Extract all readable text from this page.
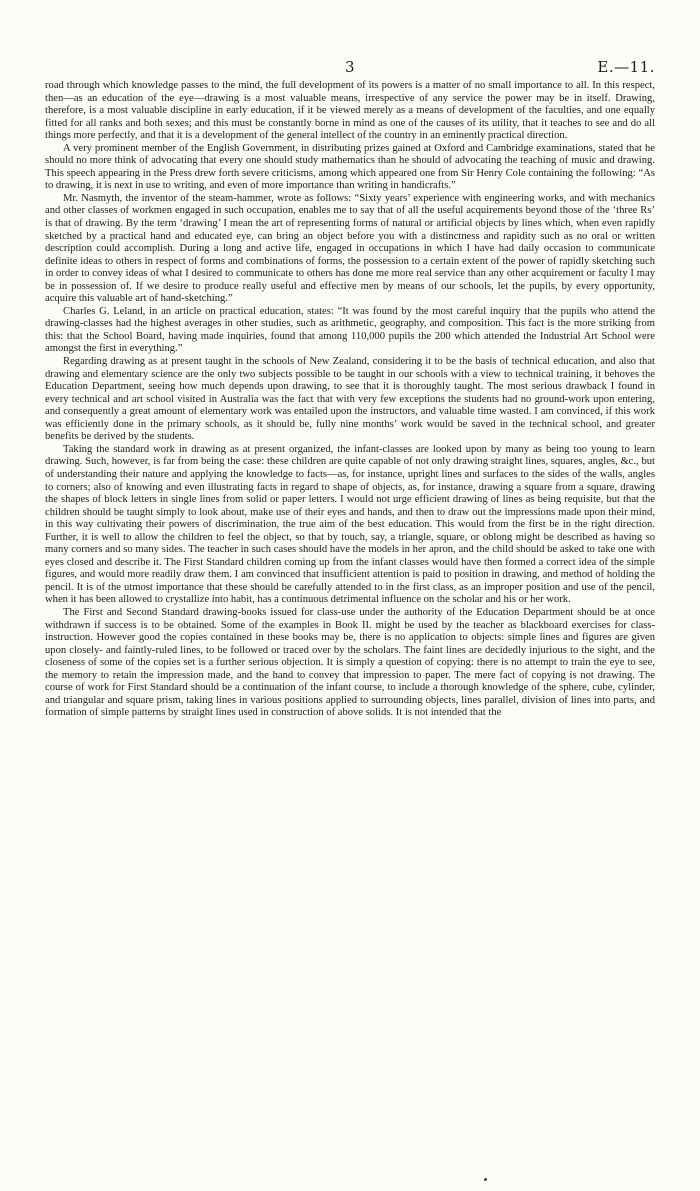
3	E.—11.

road through which knowledge passes to the mind, the full development of its powers is a matter of no small importance to all. In this respect, then—as an education of the eye—drawing is a most valuable means, irrespective of any service the power may be in itself. Drawing, therefore, is a most valuable discipline in early education, if it be viewed merely as a means of development of the faculties, and one equally fitted for all ranks and both sexes; and this must be constantly borne in mind as one of the causes of its utility, that it teaches to see and do all things more perfectly, and that it is a development of the general intellect of the country in an eminently practical direction.

A very prominent member of the English Government, in distributing prizes gained at Oxford and Cambridge examinations, stated that he should no more think of advocating that every one should study mathematics than he should of advocating the teaching of music and drawing. This speech appearing in the Press drew forth severe criticisms, among which appeared one from Sir Henry Cole containing the following: “As to drawing, it is next in use to writing, and even of more importance than writing in handicrafts.”

Mr. Nasmyth, the inventor of the steam-hammer, wrote as follows: “Sixty years’ experience with engineering works, and with mechanics and other classes of workmen engaged in such occupation, enables me to say that of all the useful acquirements beyond those of the ‘three Rs’ is that of drawing. By the term ‘drawing’ I mean the art of representing forms of natural or artificial objects by lines which, when even rapidly sketched by a practical hand and educated eye, can bring an object before you with a distinctness and rapidity such as no oral or written description could accomplish. During a long and active life, engaged in occupations in which I have had daily occasion to communicate definite ideas to others in respect of forms and combinations of forms, the possession to a certain extent of the power of rapidly sketching such in order to convey ideas of what I desired to communicate to others has done me more real service than any other acquirement or faculty I may be in possession of. If we desire to produce really useful and effective men by means of our schools, let the pupils, by every opportunity, acquire this valuable art of hand-sketching.”

Charles G. Leland, in an article on practical education, states: “It was found by the most careful inquiry that the pupils who attend the drawing-classes had the highest averages in other studies, such as arithmetic, geography, and composition. This fact is the more striking from this: that the School Board, having made inquiries, found that among 110,000 pupils the 200 which attended the Industrial Art School were amongst the first in everything.”

Regarding drawing as at present taught in the schools of New Zealand, considering it to be the basis of technical education, and also that drawing and elementary science are the only two subjects possible to be taught in our schools with a view to technical training, it behoves the Education Department, seeing how much depends upon drawing, to see that it is thoroughly taught. The most serious drawback I found in every technical and art school visited in Australia was the fact that with very few exceptions the students had no ground-work upon entering, and consequently a great amount of elementary work was entailed upon the instructors, and valuable time wasted. I am convinced, if this work was efficiently done in the primary schools, as it should be, fully nine months’ work would be saved in the technical school, and greater benefits be derived by the students.

Taking the standard work in drawing as at present organized, the infant-classes are looked upon by many as being too young to learn drawing. Such, however, is far from being the case: these children are quite capable of not only drawing straight lines, squares, angles, &c., but of understanding their nature and applying the knowledge to facts—as, for instance, upright lines and surfaces to the sides of the walls, angles to corners; also of knowing and even illustrating facts in regard to shape of objects, as, for instance, drawing a square from a square, drawing the shapes of block letters in single lines from solid or paper letters. I would not urge efficient drawing of lines as being requisite, but that the children should be taught simply to look about, make use of their eyes and hands, and then to draw out the impressions made upon their mind, in this way cultivating their powers of discrimination, the true aim of the best education. This would from the first be in the right direction. Further, it is well to allow the children to feel the object, so that by touch, say, a triangle, square, or oblong might be described as having so many corners and so many sides. The teacher in such cases should have the models in her apron, and the child should be asked to take one with eyes closed and describe it. The First Standard children coming up from the infant classes would have then formed a correct idea of the simple figures, and would more readily draw them. I am convinced that insufficient attention is paid to position in drawing, and method of holding the pencil. It is of the utmost importance that these should be carefully attended to in the first class, as an improper position and use of the pencil, when it has been allowed to crystallize into habit, has a continuous detrimental influence on the scholar and his or her work.

The First and Second Standard drawing-books issued for class-use under the authority of the Education Department should be at once withdrawn if success is to be obtained. Some of the examples in Book II. might be used by the teacher as blackboard exercises for class-instruction. However good the copies contained in these books may be, there is no application to objects: simple lines and figures are given upon closely- and faintly-ruled lines, to be followed or traced over by the scholars. The faint lines are decidedly injurious to the sight, and the closeness of some of the copies set is a further serious objection. It is simply a question of copying: there is no attempt to train the eye to see, the memory to retain the impression made, and the hand to convey that impression to paper. The mere fact of copying is not drawing. The course of work for First Standard should be a continuation of the infant course, to include a thorough knowledge of the sphere, cube, cylinder, and triangular and square prism, taking lines in various positions applied to surrounding objects, lines parallel, division of lines into parts, and formation of simple patterns by straight lines used in construction of above solids. It is not intended that the
